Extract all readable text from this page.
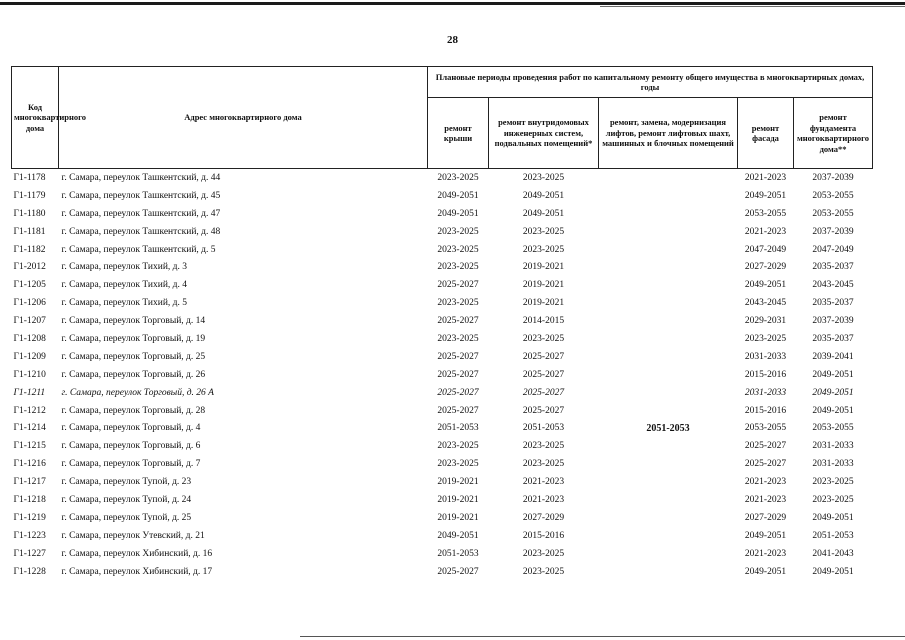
28
Код многоквартирного дома	Адрес многоквартирного дома	Плановые периоды проведения работ по капитальному ремонту общего имущества в многоквартирных домах, годы				
		ремонт крыши	ремонт внутридомовых инженерных систем, подвальных помещений*	ремонт, замена, модернизация лифтов, ремонт лифтовых шахт, машинных и блочных помещений	ремонт фасада	ремонт фундамента многоквартирного дома**
Г1-1178	г. Самара, переулок Ташкентский, д. 44	2023-2025	2023-2025		2021-2023	2037-2039
Г1-1179	г. Самара, переулок Ташкентский, д. 45	2049-2051	2049-2051		2049-2051	2053-2055
Г1-1180	г. Самара, переулок Ташкентский, д. 47	2049-2051	2049-2051		2053-2055	2053-2055
Г1-1181	г. Самара, переулок Ташкентский, д. 48	2023-2025	2023-2025		2021-2023	2037-2039
Г1-1182	г. Самара, переулок Ташкентский, д. 5	2023-2025	2023-2025		2047-2049	2047-2049
Г1-2012	г. Самара, переулок Тихий, д. 3	2023-2025	2019-2021		2027-2029	2035-2037
Г1-1205	г. Самара, переулок Тихий, д. 4	2025-2027	2019-2021		2049-2051	2043-2045
Г1-1206	г. Самара, переулок Тихий, д. 5	2023-2025	2019-2021		2043-2045	2035-2037
Г1-1207	г. Самара, переулок Торговый, д. 14	2025-2027	2014-2015		2029-2031	2037-2039
Г1-1208	г. Самара, переулок Торговый, д. 19	2023-2025	2023-2025		2023-2025	2035-2037
Г1-1209	г. Самара, переулок Торговый, д. 25	2025-2027	2025-2027		2031-2033	2039-2041
Г1-1210	г. Самара, переулок Торговый, д. 26	2025-2027	2025-2027		2015-2016	2049-2051
Г1-1211	г. Самара, переулок Торговый, д. 26 А	2025-2027	2025-2027		2031-2033	2049-2051
Г1-1212	г. Самара, переулок Торговый, д. 28	2025-2027	2025-2027		2015-2016	2049-2051
Г1-1214	г. Самара, переулок Торговый, д. 4	2051-2053	2051-2053	2051-2053	2053-2055	2053-2055
Г1-1215	г. Самара, переулок Торговый, д. 6	2023-2025	2023-2025		2025-2027	2031-2033
Г1-1216	г. Самара, переулок Торговый, д. 7	2023-2025	2023-2025		2025-2027	2031-2033
Г1-1217	г. Самара, переулок Тупой, д. 23	2019-2021	2021-2023		2021-2023	2023-2025
Г1-1218	г. Самара, переулок Тупой, д. 24	2019-2021	2021-2023		2021-2023	2023-2025
Г1-1219	г. Самара, переулок Тупой, д. 25	2019-2021	2027-2029		2027-2029	2049-2051
Г1-1223	г. Самара, переулок Утевский, д. 21	2049-2051	2015-2016		2049-2051	2051-2053
Г1-1227	г. Самара, переулок Хибинский, д. 16	2051-2053	2023-2025		2021-2023	2041-2043
Г1-1228	г. Самара, переулок Хибинский, д. 17	2025-2027	2023-2025		2049-2051	2049-2051
